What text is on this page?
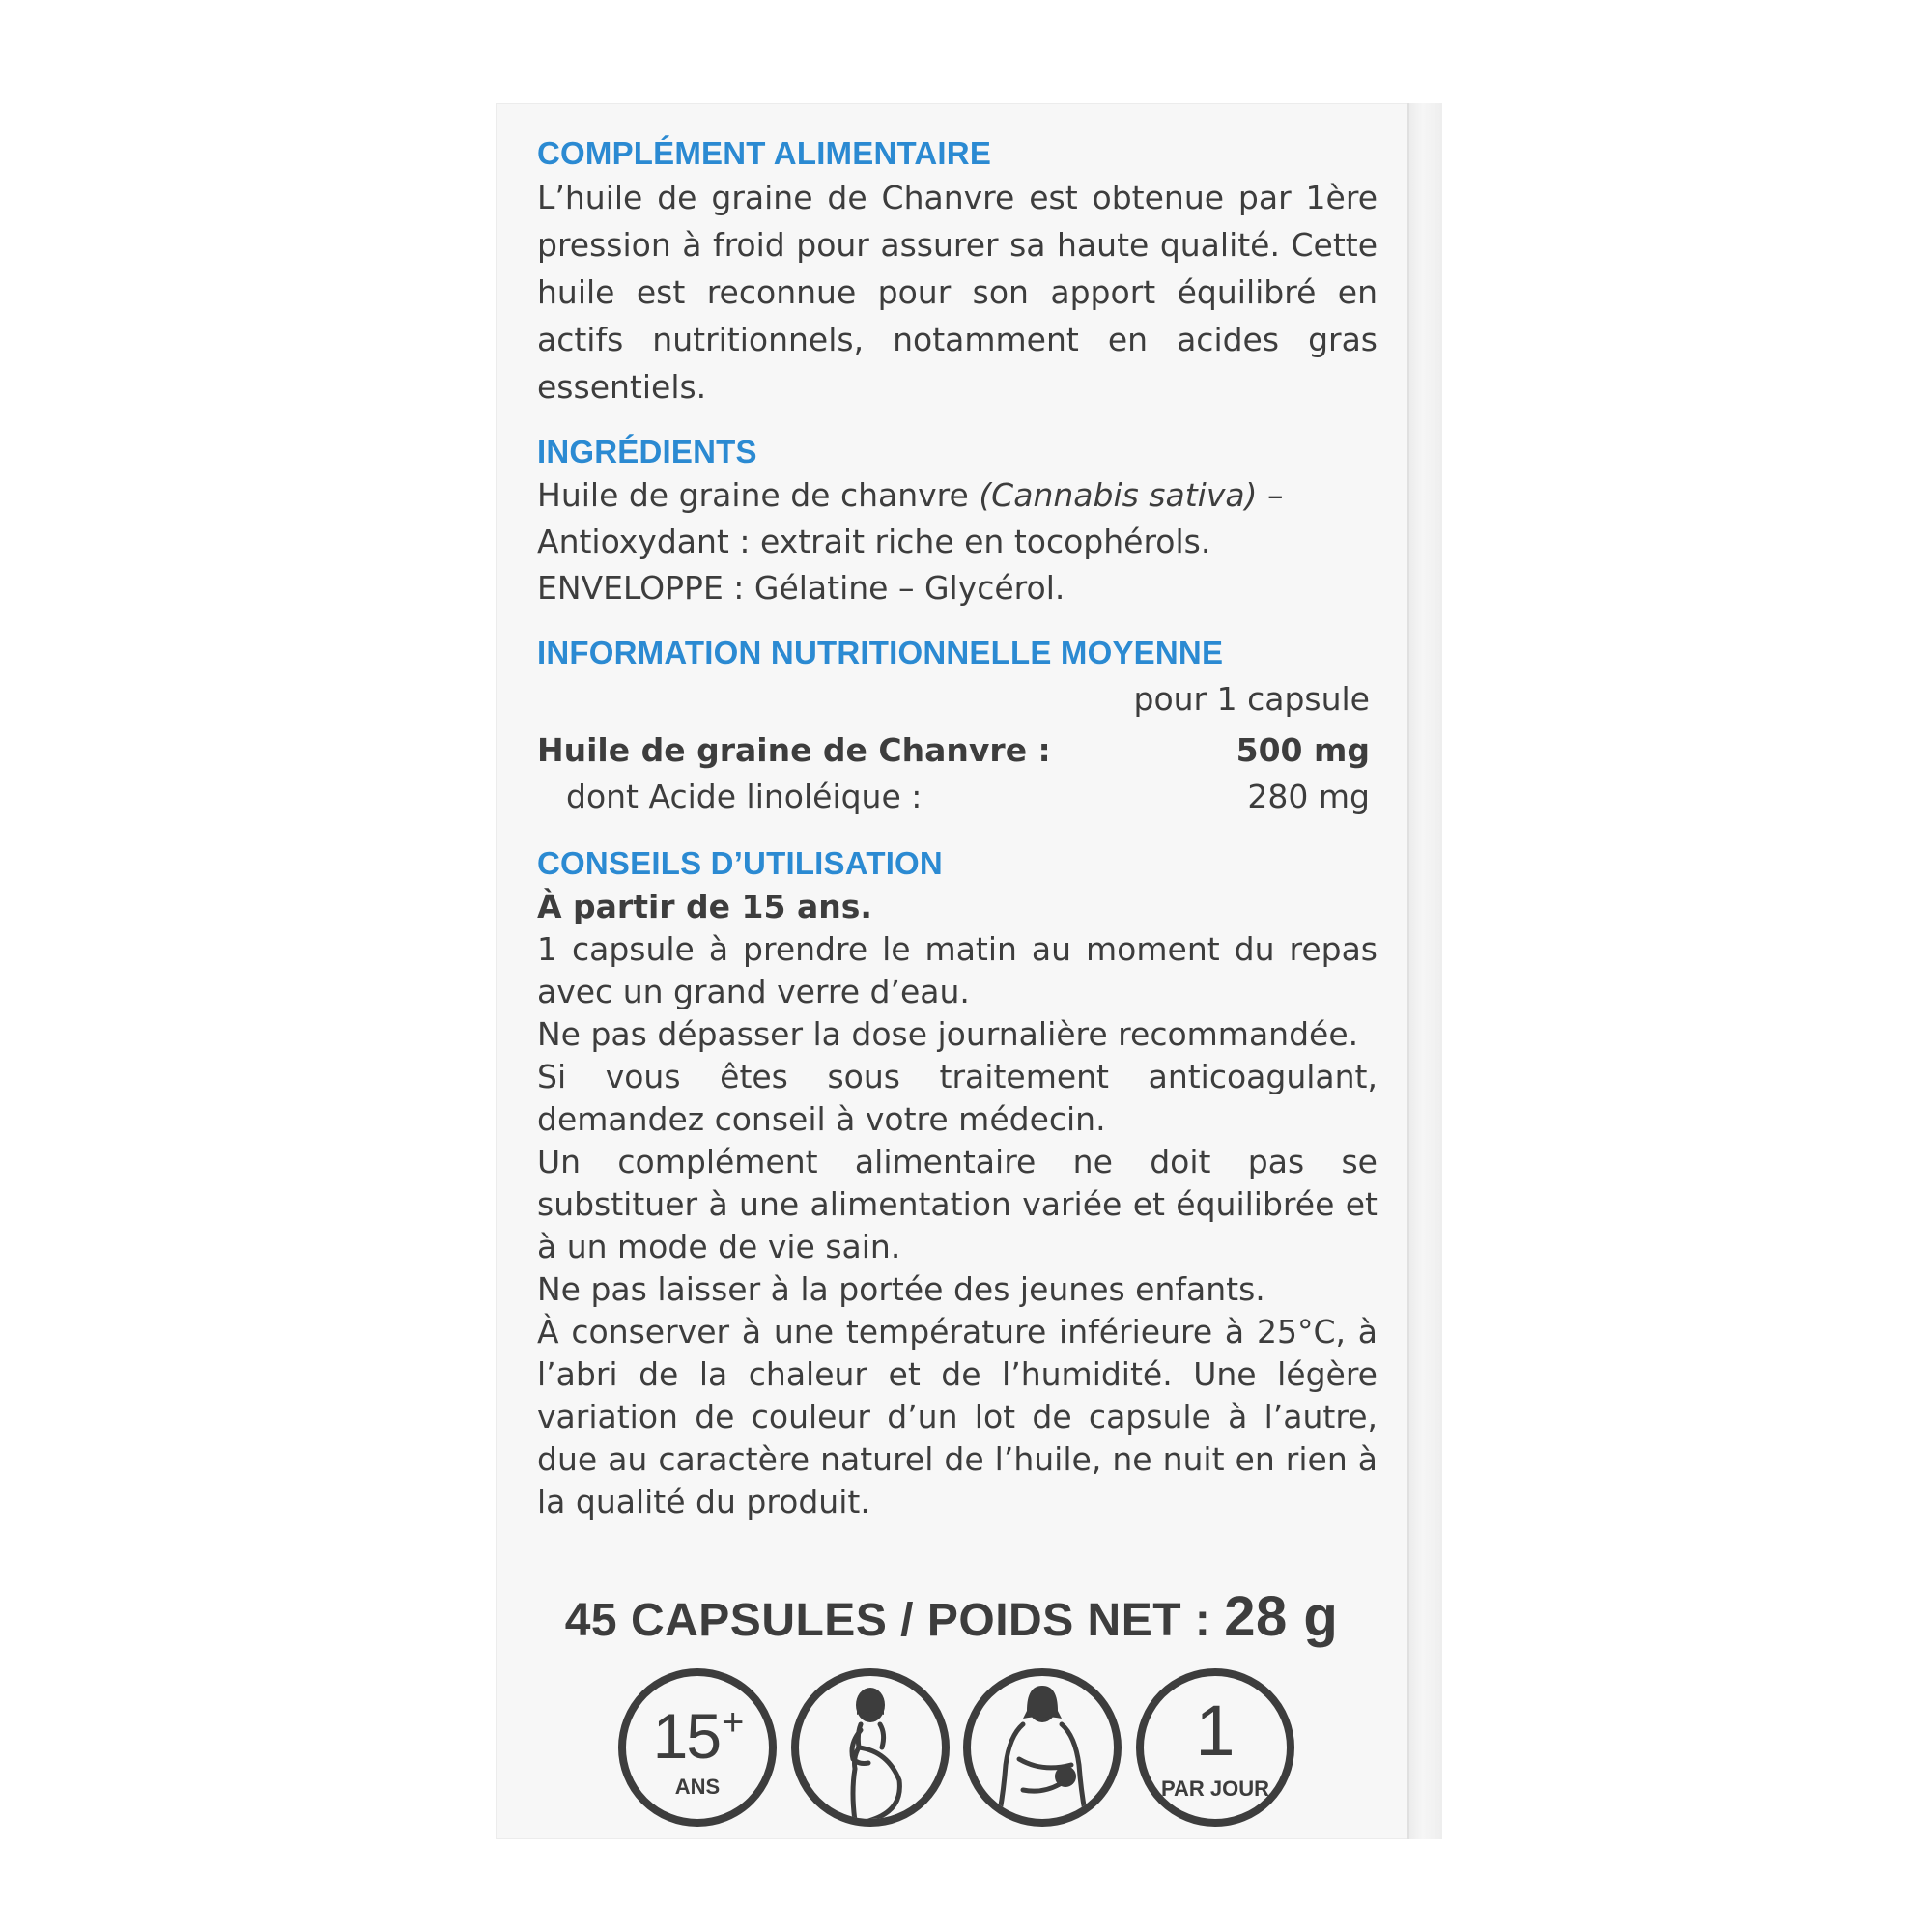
COMPLÉMENT ALIMENTAIRE

L’huile de graine de Chanvre est obtenue par 1ère pression à froid pour assurer sa haute qualité. Cette huile est reconnue pour son apport équilibré en actifs nutritionnels, notamment en acides gras essentiels.

INGRÉDIENTS

Huile de graine de chanvre (Cannabis sativa) –

Antioxydant : extrait riche en tocophérols.

ENVELOPPE : Gélatine – Glycérol.

INFORMATION NUTRITIONNELLE MOYENNE

pour 1 capsule

Huile de graine de Chanvre :	500 mg
dont Acide linoléique :	280 mg
CONSEILS D’UTILISATION

À partir de 15 ans.

1 capsule à prendre le matin au moment du repas avec un grand verre d’eau.

Ne pas dépasser la dose journalière recommandée.

Si vous êtes sous traitement anticoagulant, demandez conseil à votre médecin.

Un complément alimentaire ne doit pas se substituer à une alimentation variée et équilibrée et à un mode de vie sain.

Ne pas laisser à la portée des jeunes enfants.

À conserver à une température inférieure à 25°C, à l’abri de la chaleur et de l’humidité. Une légère variation de couleur d’un lot de capsule à l’autre, due au caractère naturel de l’huile, ne nuit en rien à la qualité du produit.

45 CAPSULES / POIDS NET : 28 g
15+
ANS
1
PAR JOUR
